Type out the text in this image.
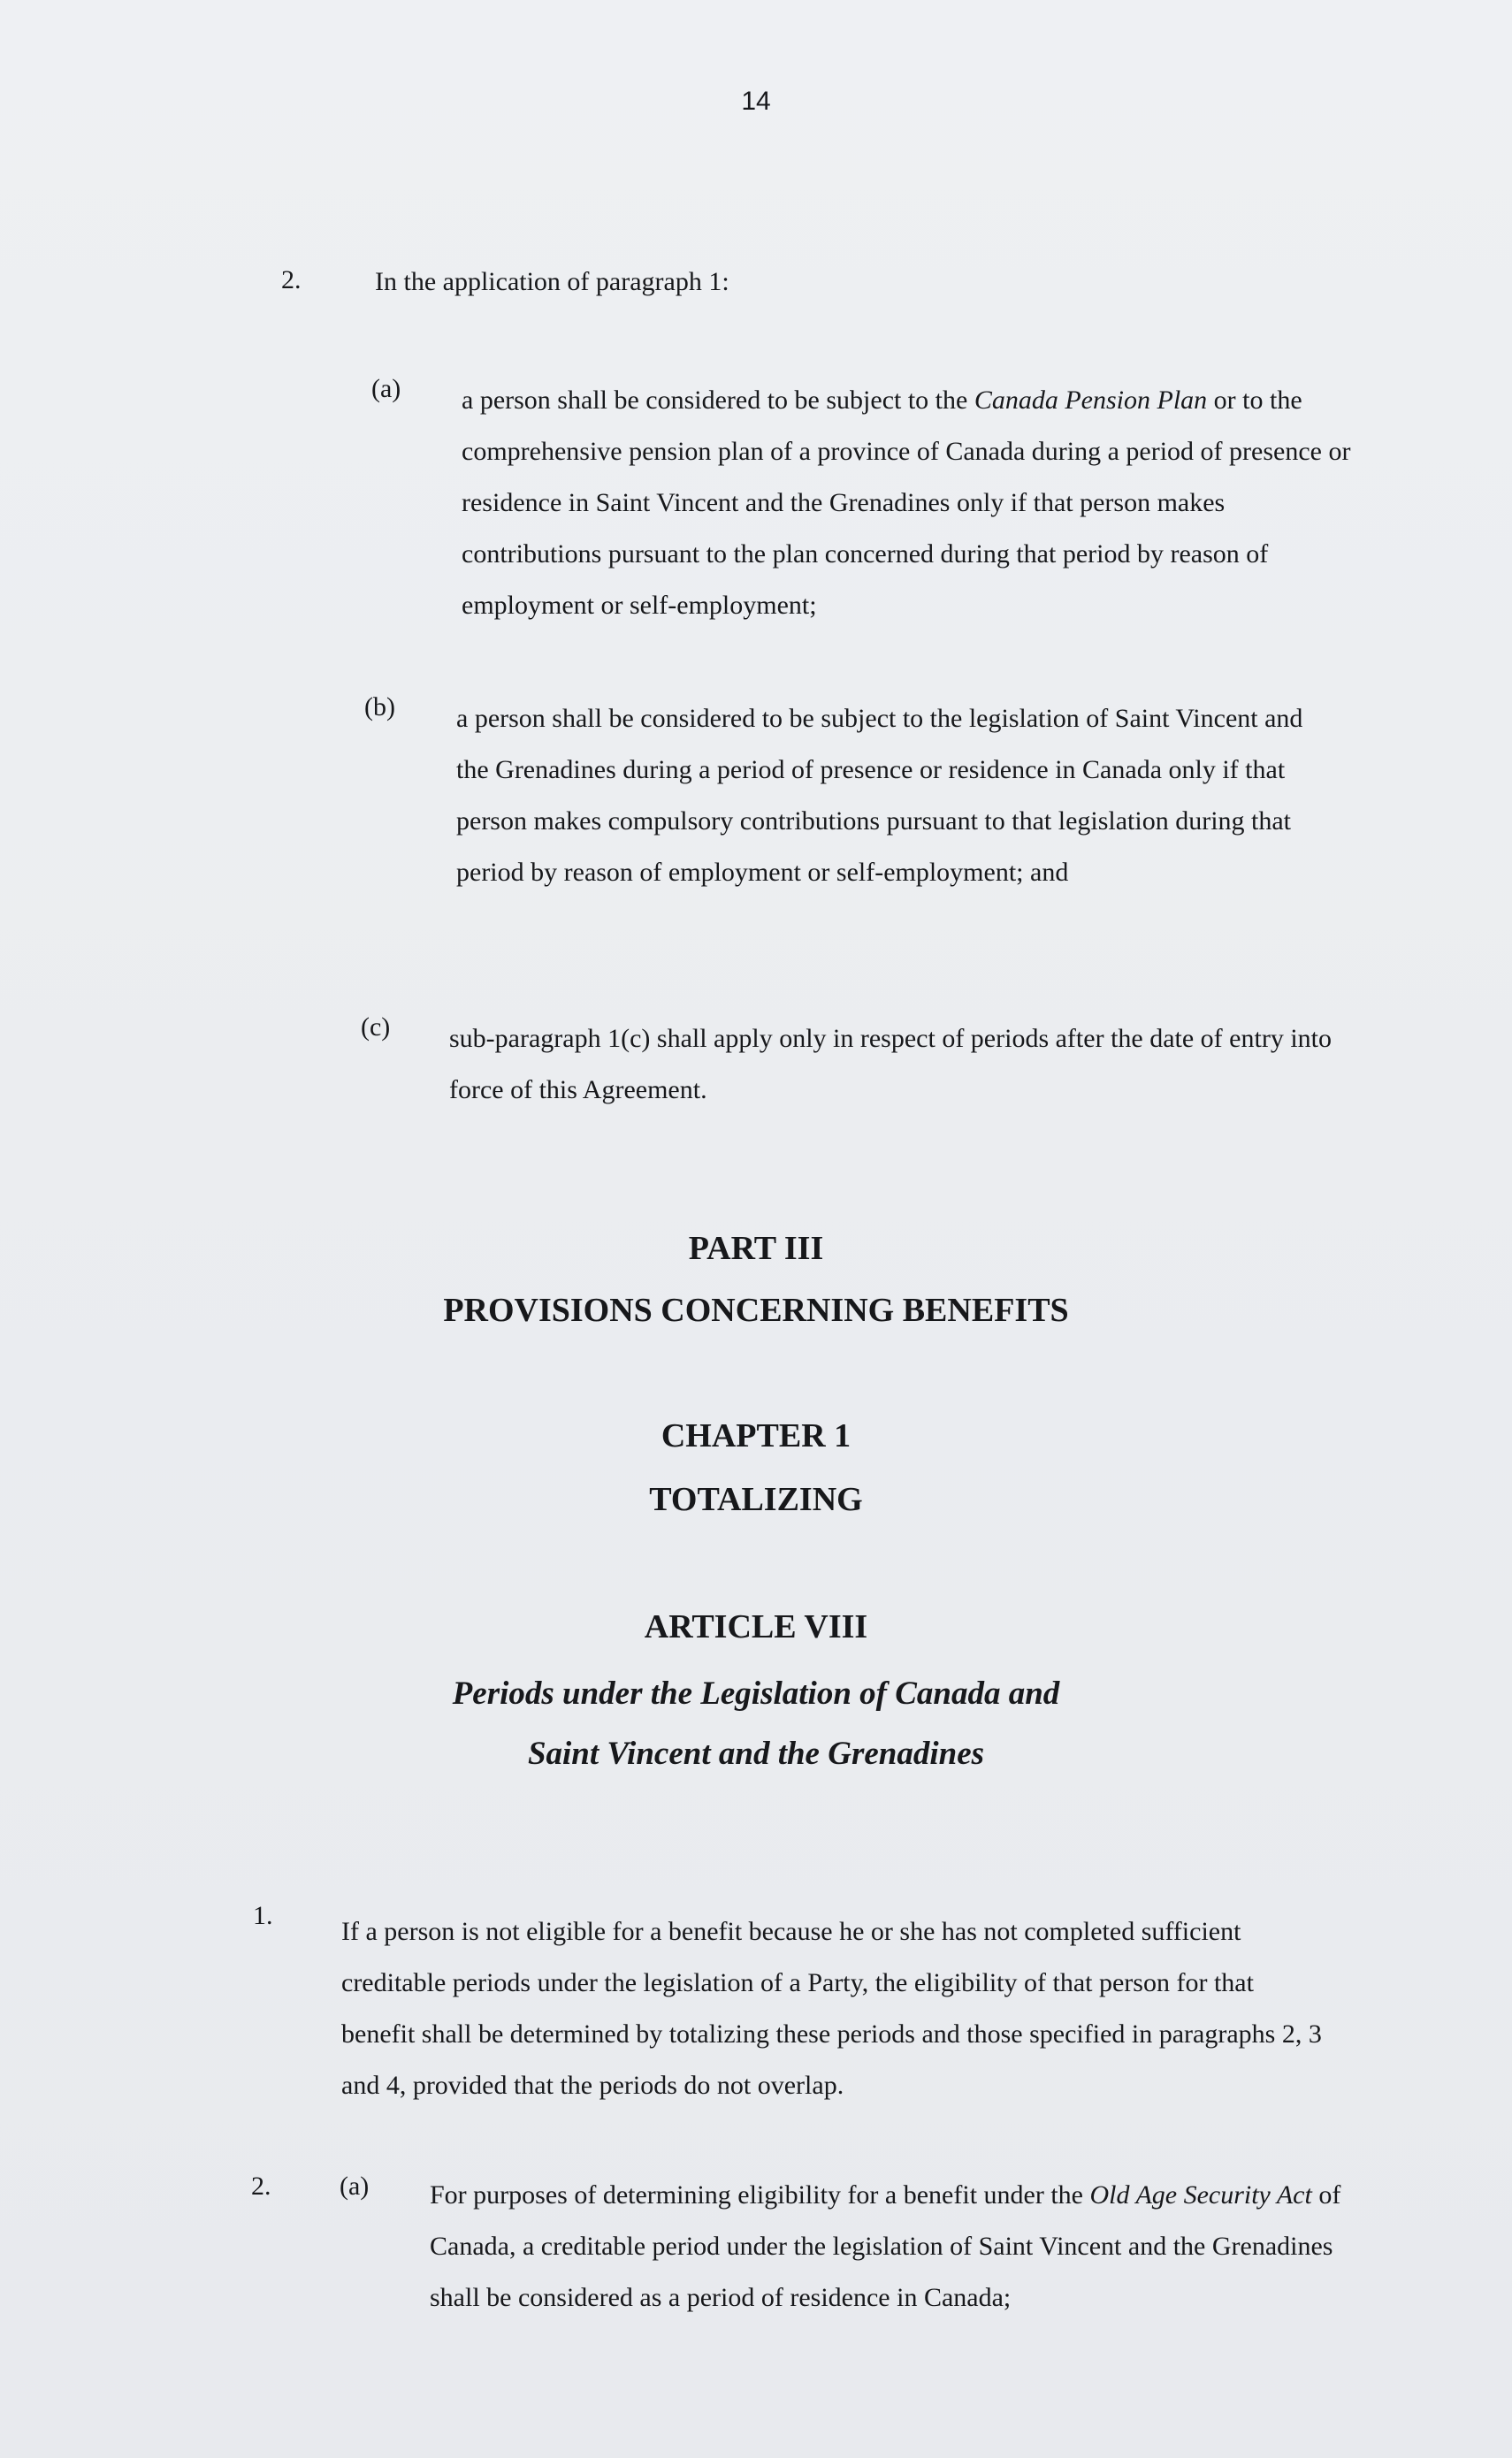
14
2.	In the application of paragraph 1:
(a) a person shall be considered to be subject to the Canada Pension Plan or to the comprehensive pension plan of a province of Canada during a period of presence or residence in Saint Vincent and the Grenadines only if that person makes contributions pursuant to the plan concerned during that period by reason of employment or self-employment;
(b) a person shall be considered to be subject to the legislation of Saint Vincent and the Grenadines during a period of presence or residence in Canada only if that person makes compulsory contributions pursuant to that legislation during that period by reason of employment or self-employment; and
(c) sub-paragraph 1(c) shall apply only in respect of periods after the date of entry into force of this Agreement.
PART III
PROVISIONS CONCERNING BENEFITS
CHAPTER 1
TOTALIZING
ARTICLE VIII
Periods under the Legislation of Canada and
Saint Vincent and the Grenadines
1.
If a person is not eligible for a benefit because he or she has not completed sufficient creditable periods under the legislation of a Party, the eligibility of that person for that benefit shall be determined by totalizing these periods and those specified in paragraphs 2, 3 and 4, provided that the periods do not overlap.
2.	(a) For purposes of determining eligibility for a benefit under the Old Age Security Act of Canada, a creditable period under the legislation of Saint Vincent and the Grenadines shall be considered as a period of residence in Canada;
